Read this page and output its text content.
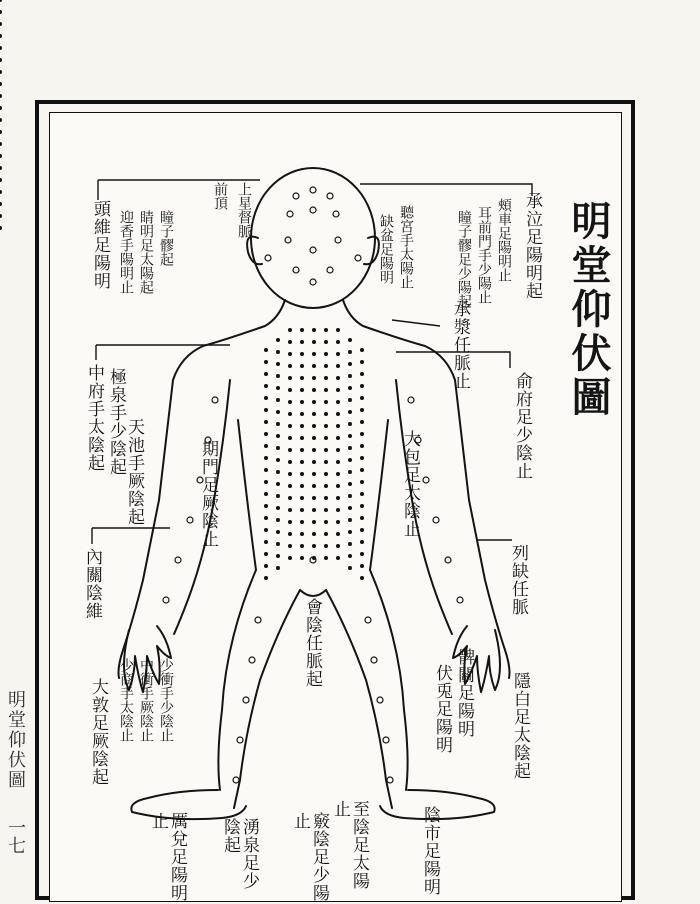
明堂仰伏圖
一七
明堂仰伏圖
承泣足陽明起
頰車足陽明止
耳前門手少陽止
瞳子髎足少陽起
聽宮手太陽止
缺盆足陽明
承漿任脈止
俞府足少陰止
列缺任脈
大包足太陰止
會陰任脈起
髀關足陽明
伏兎足陽明	隱白足太陰起
頭維足陽明 迎香手陽明止 睛明足太陽起 瞳子髎起
前頂 上星督脈
中府手太陰起 極泉手少陰起
天池手厥陰起	期門足厥陰止
內關陰維
少衝手少陰止
中衝手厥陰止
少商手太陰止
大敦足厥陰起
厲兌足陽明止	湧泉足少陰起	竅陰足少陽止	至陰足太陽止	陰市足陽明
